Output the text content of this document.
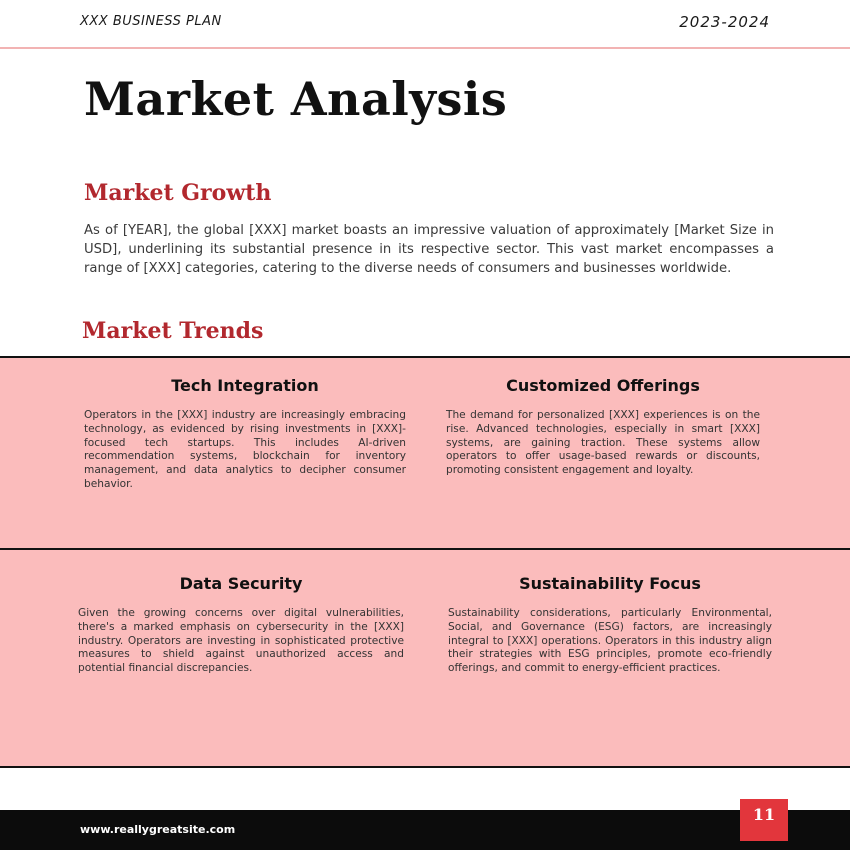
XXX BUSINESS PLAN	2023-2024
Market Analysis
Market Growth
As of [YEAR], the global [XXX] market boasts an impressive valuation of approximately [Market Size in USD], underlining its substantial presence in its respective sector. This vast market encompasses a range of [XXX] categories, catering to the diverse needs of consumers and businesses worldwide.
Market Trends
Tech Integration
Operators in the [XXX] industry are increasingly embracing technology, as evidenced by rising investments in [XXX]-focused tech startups. This includes AI-driven recommendation systems, blockchain for inventory management, and data analytics to decipher consumer behavior.
Customized Offerings
The demand for personalized [XXX] experiences is on the rise. Advanced technologies, especially in smart [XXX] systems, are gaining traction. These systems allow operators to offer usage-based rewards or discounts, promoting consistent engagement and loyalty.
Data Security
Given the growing concerns over digital vulnerabilities, there's a marked emphasis on cybersecurity in the [XXX] industry. Operators are investing in sophisticated protective measures to shield against unauthorized access and potential financial discrepancies.
Sustainability Focus
Sustainability considerations, particularly Environmental, Social, and Governance (ESG) factors, are increasingly integral to [XXX] operations. Operators in this industry align their strategies with ESG principles, promote eco-friendly offerings, and commit to energy-efficient practices.
www.reallygreatsite.com
11
